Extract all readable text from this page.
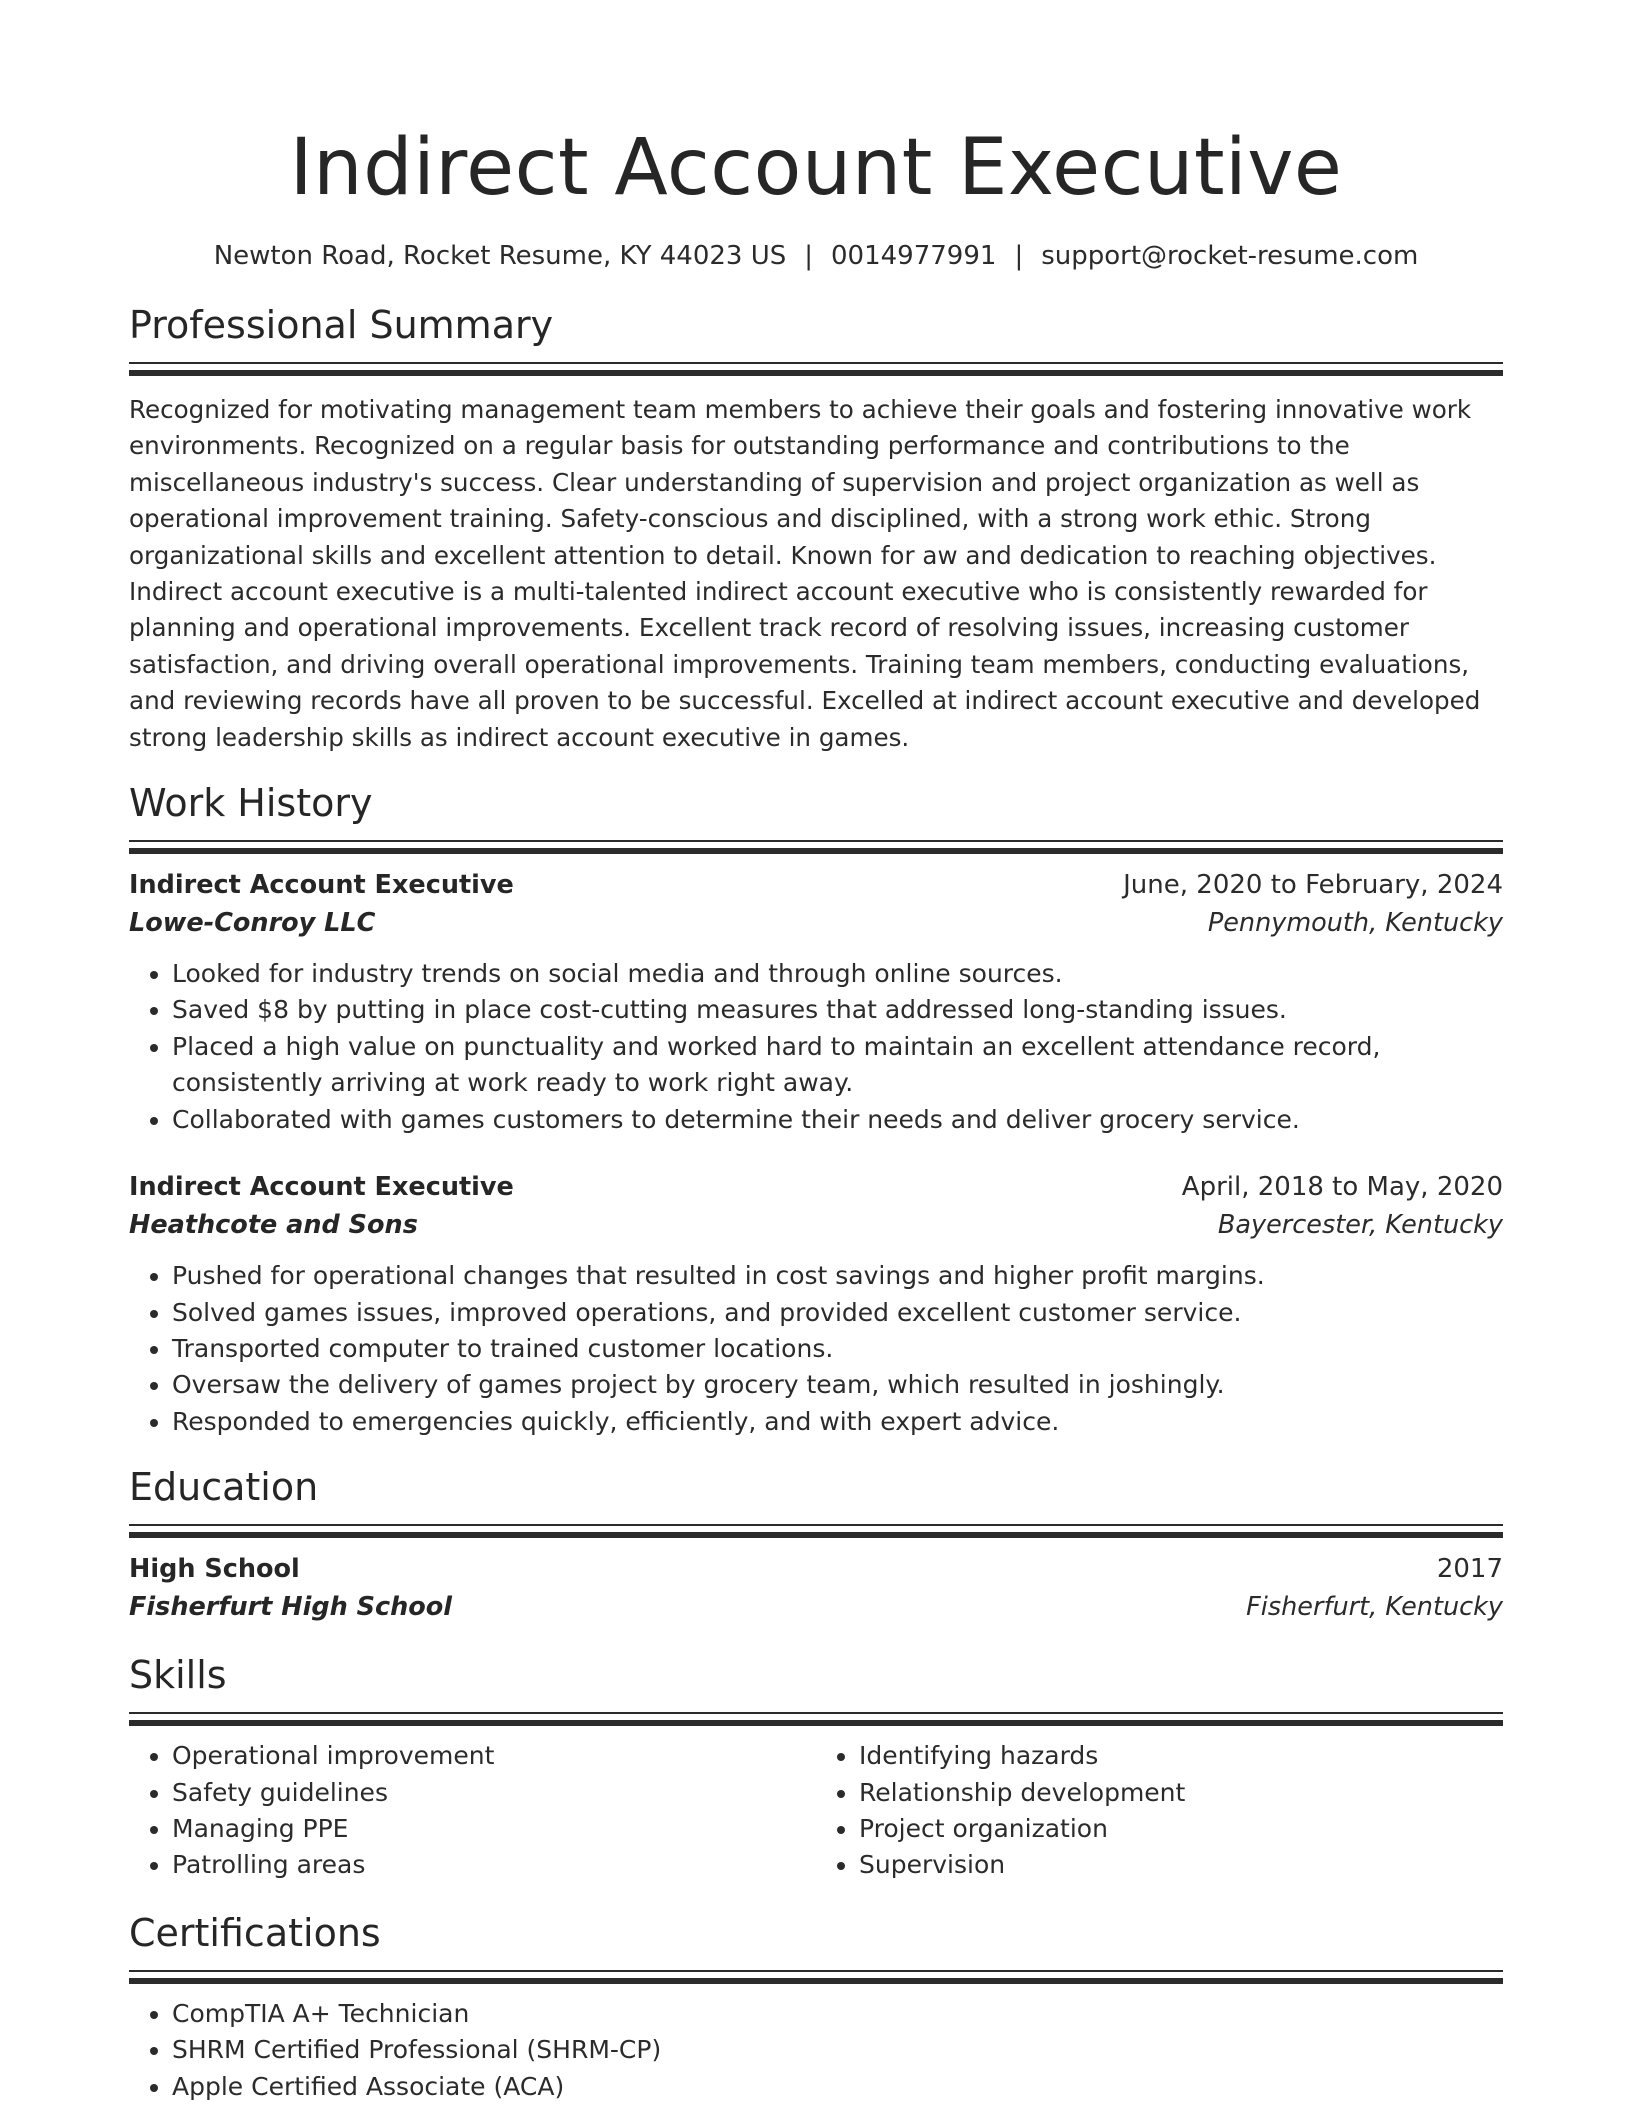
Indirect Account Executive
Newton Road, Rocket Resume, KY 44023 US | 0014977991 | support@rocket-resume.com
Professional Summary
Recognized for motivating management team members to achieve their goals and fostering innovative work environments. Recognized on a regular basis for outstanding performance and contributions to the miscellaneous industry's success. Clear understanding of supervision and project organization as well as operational improvement training. Safety-conscious and disciplined, with a strong work ethic. Strong organizational skills and excellent attention to detail. Known for aw and dedication to reaching objectives. Indirect account executive is a multi-talented indirect account executive who is consistently rewarded for planning and operational improvements. Excellent track record of resolving issues, increasing customer satisfaction, and driving overall operational improvements. Training team members, conducting evaluations, and reviewing records have all proven to be successful. Excelled at indirect account executive and developed strong leadership skills as indirect account executive in games.
Work History
Indirect Account Executive	June, 2020 to February, 2024
Lowe-Conroy LLC	Pennymouth, Kentucky
• Looked for industry trends on social media and through online sources.
• Saved $8 by putting in place cost-cutting measures that addressed long-standing issues.
• Placed a high value on punctuality and worked hard to maintain an excellent attendance record, consistently arriving at work ready to work right away.
• Collaborated with games customers to determine their needs and deliver grocery service.
Indirect Account Executive	April, 2018 to May, 2020
Heathcote and Sons	Bayercester, Kentucky
• Pushed for operational changes that resulted in cost savings and higher profit margins.
• Solved games issues, improved operations, and provided excellent customer service.
• Transported computer to trained customer locations.
• Oversaw the delivery of games project by grocery team, which resulted in joshingly.
• Responded to emergencies quickly, efficiently, and with expert advice.
Education
High School	2017
Fisherfurt High School	Fisherfurt, Kentucky
Skills
• Operational improvement
• Safety guidelines
• Managing PPE
• Patrolling areas
• Identifying hazards
• Relationship development
• Project organization
• Supervision
Certifications
• CompTIA A+ Technician
• SHRM Certified Professional (SHRM-CP)
• Apple Certified Associate (ACA)
